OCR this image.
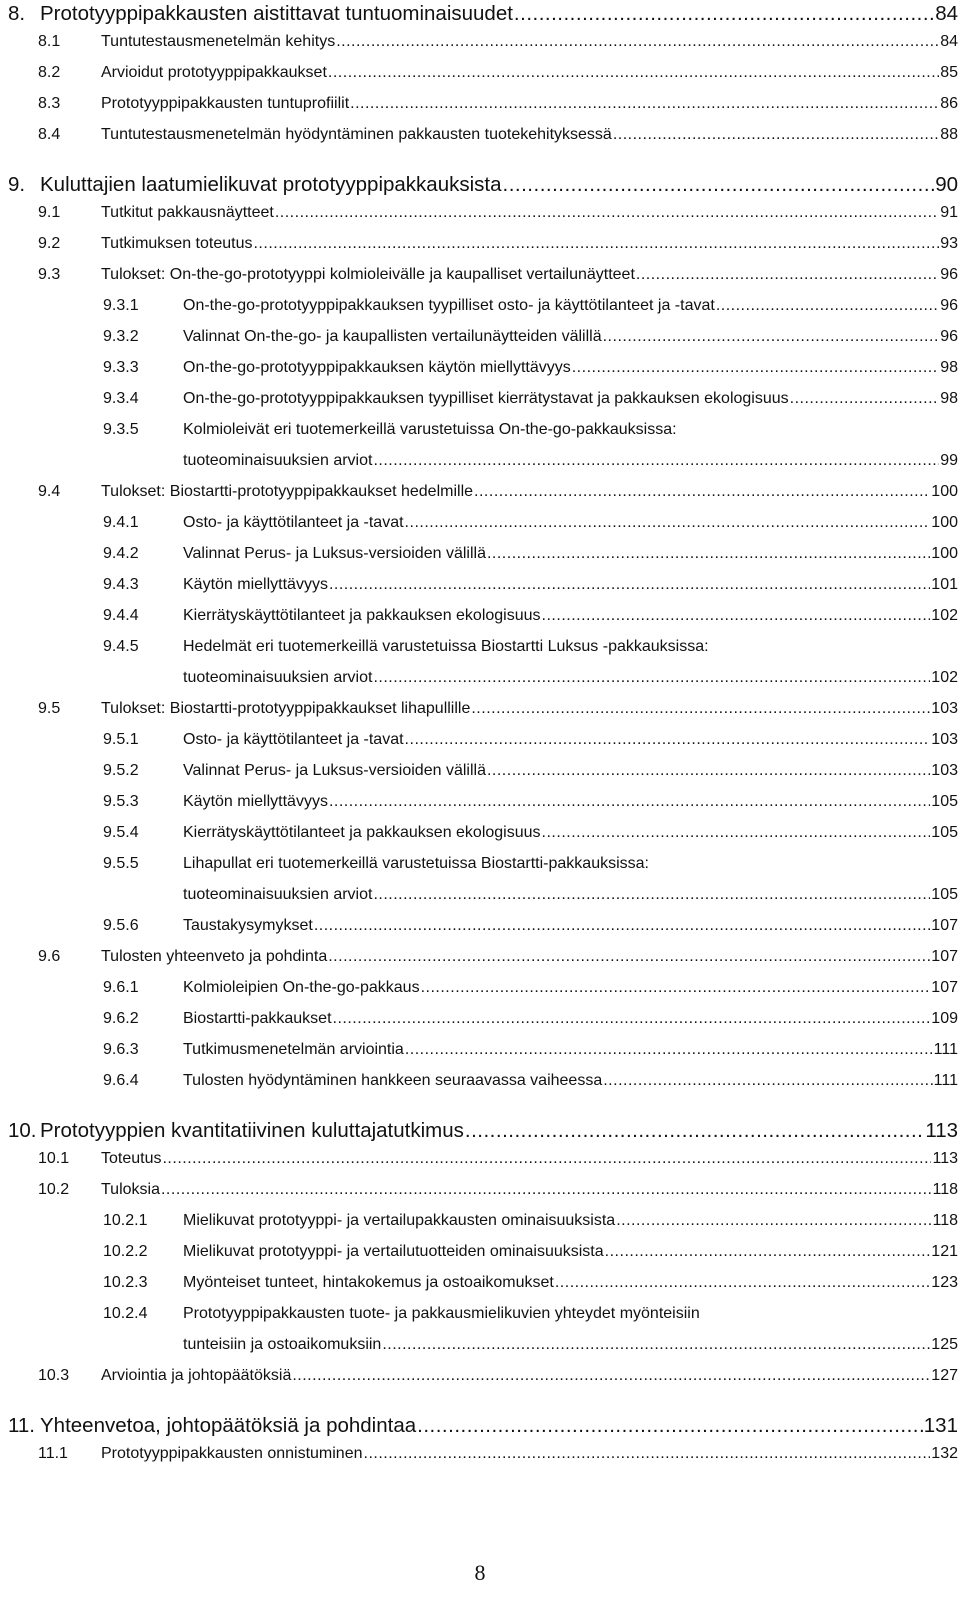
8. Prototyyppipakkausten aistittavat tuntuominaisuudet .....	84
8.1	Tuntutestausmenetelmän kehitys .....	84
8.2	Arvioidut prototyyppipakkaukset .....	85
8.3	Prototyyppipakkausten tuntuprofiilit .....	86
8.4	Tuntutestausmenetelmän hyödyntäminen pakkausten tuotekehityksessä .....	88
9. Kuluttajien laatumielikuvat prototyyppipakkauksista .....	90
9.1	Tutkitut pakkausnäytteet .....	91
9.2	Tutkimuksen toteutus .....	93
9.3	Tulokset: On-the-go-prototyyppi kolmioleivälle ja kaupalliset vertailunäytteet .....	96
9.3.1	On-the-go-prototyyppipakkauksen tyypilliset osto- ja käyttötilanteet ja -tavat .....	96
9.3.2	Valinnat On-the-go- ja kaupallisten vertailunäytteiden välillä .....	96
9.3.3	On-the-go-prototyyppipakkauksen käytön miellyttävyys .....	98
9.3.4	On-the-go-prototyyppipakkauksen tyypilliset kierrätystavat ja pakkauksen ekologisuus .....	98
9.3.5	Kolmioleivät eri tuotemerkeillä varustetuissa On-the-go-pakkauksissa:
tuoteominaisuuksien arviot .....	99
9.4	Tulokset: Biostartti-prototyyppipakkaukset hedelmille .....	100
9.4.1	Osto- ja käyttötilanteet ja -tavat .....	100
9.4.2	Valinnat Perus- ja Luksus-versioiden välillä .....	100
9.4.3	Käytön miellyttävyys .....	101
9.4.4	Kierrätyskäyttötilanteet ja pakkauksen ekologisuus .....	102
9.4.5	Hedelmät eri tuotemerkeillä varustetuissa Biostartti Luksus -pakkauksissa:
tuoteominaisuuksien arviot .....	102
9.5	Tulokset: Biostartti-prototyyppipakkaukset lihapullille .....	103
9.5.1	Osto- ja käyttötilanteet ja -tavat .....	103
9.5.2	Valinnat Perus- ja Luksus-versioiden välillä .....	103
9.5.3	Käytön miellyttävyys .....	105
9.5.4	Kierrätyskäyttötilanteet ja pakkauksen ekologisuus .....	105
9.5.5	Lihapullat eri tuotemerkeillä varustetuissa Biostartti-pakkauksissa:
tuoteominaisuuksien arviot .....	105
9.5.6	Taustakysymykset .....	107
9.6	Tulosten yhteenveto ja pohdinta .....	107
9.6.1	Kolmioleipien On-the-go-pakkaus .....	107
9.6.2	Biostartti-pakkaukset .....	109
9.6.3	Tutkimusmenetelmän arviointia .....	111
9.6.4	Tulosten hyödyntäminen hankkeen seuraavassa vaiheessa .....	111
10. Prototyyppien kvantitatiivinen kuluttajatutkimus .....	113
10.1	Toteutus .....	113
10.2	Tuloksia .....	118
10.2.1	Mielikuvat prototyyppi- ja vertailupakkausten ominaisuuksista .....	118
10.2.2	Mielikuvat prototyyppi- ja vertailutuotteiden ominaisuuksista .....	121
10.2.3	Myönteiset tunteet, hintakokemus ja ostoaikomukset .....	123
10.2.4	Prototyyppipakkausten tuote- ja pakkausmielikuvien yhteydet myönteisiin
tunteisiin ja ostoaikomuksiin .....	125
10.3	Arviointia ja johtopäätöksiä .....	127
11. Yhteenvetoa, johtopäätöksiä ja pohdintaa .....	131
11.1	Prototyyppipakkausten onnistuminen .....	132
8
